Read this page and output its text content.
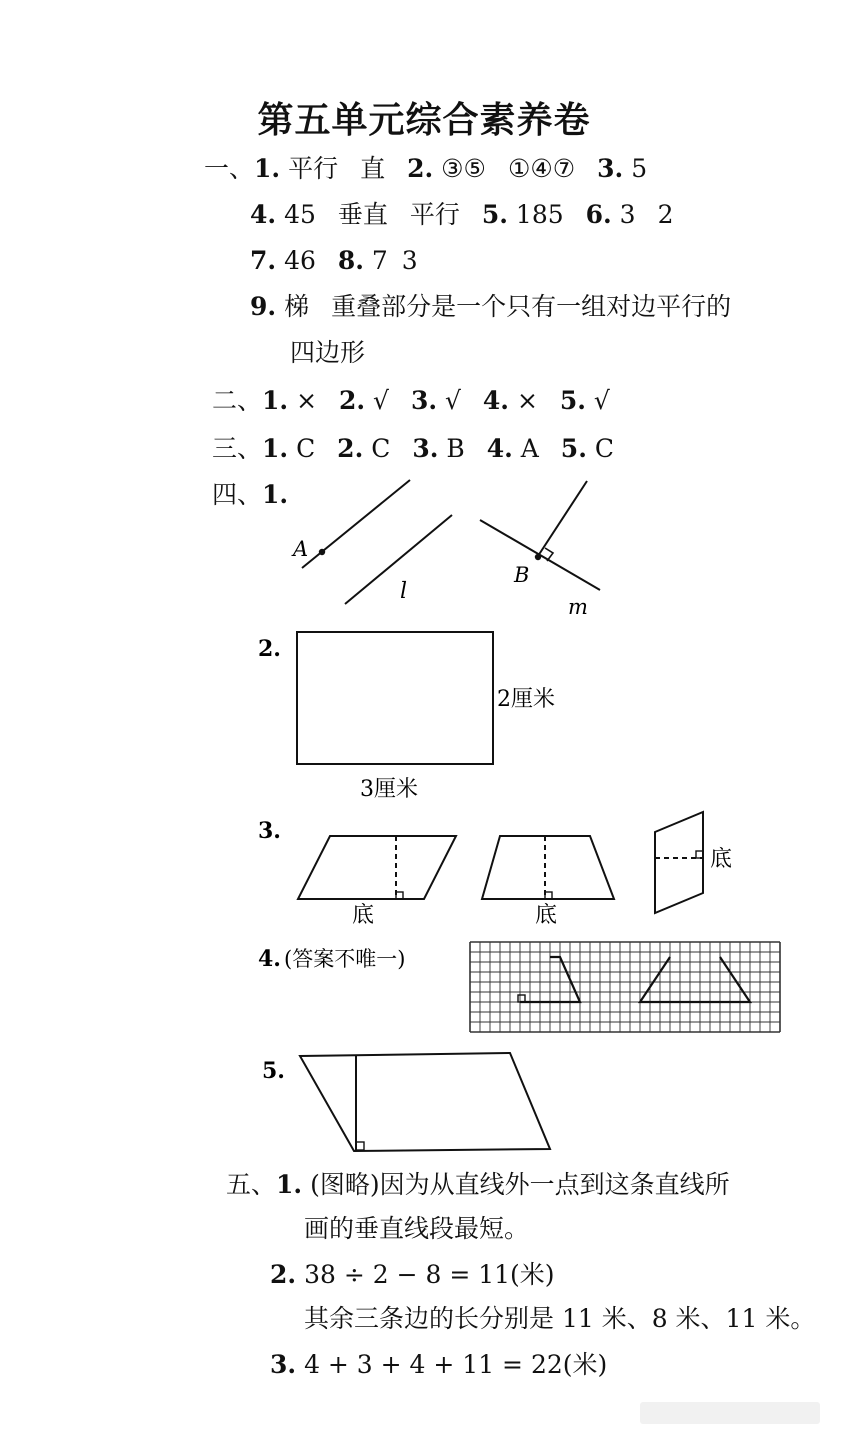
第五单元综合素养卷
一、1. 平行 直 2. ③⑤ ①④⑦ 3. 5
4. 45 垂直 平行 5. 185 6. 3 2
7. 46 8. 7 3
9. 梯 重叠部分是一个只有一组对边平行的
四边形
二、1. × 2. √ 3. √ 4. × 5. √
三、1. C 2. C 3. B 4. A 5. C
四、1.
A
l
B
m
2.
2厘米
3厘米
3.
底	底
底
4. (答案不唯一)
5.
五、1. (图略)因为从直线外一点到这条直线所
画的垂直线段最短。
2. 38 ÷ 2 − 8 = 11(米)
其余三条边的长分别是 11 米、8 米、11 米。
3. 4 + 3 + 4 + 11 = 22(米)
